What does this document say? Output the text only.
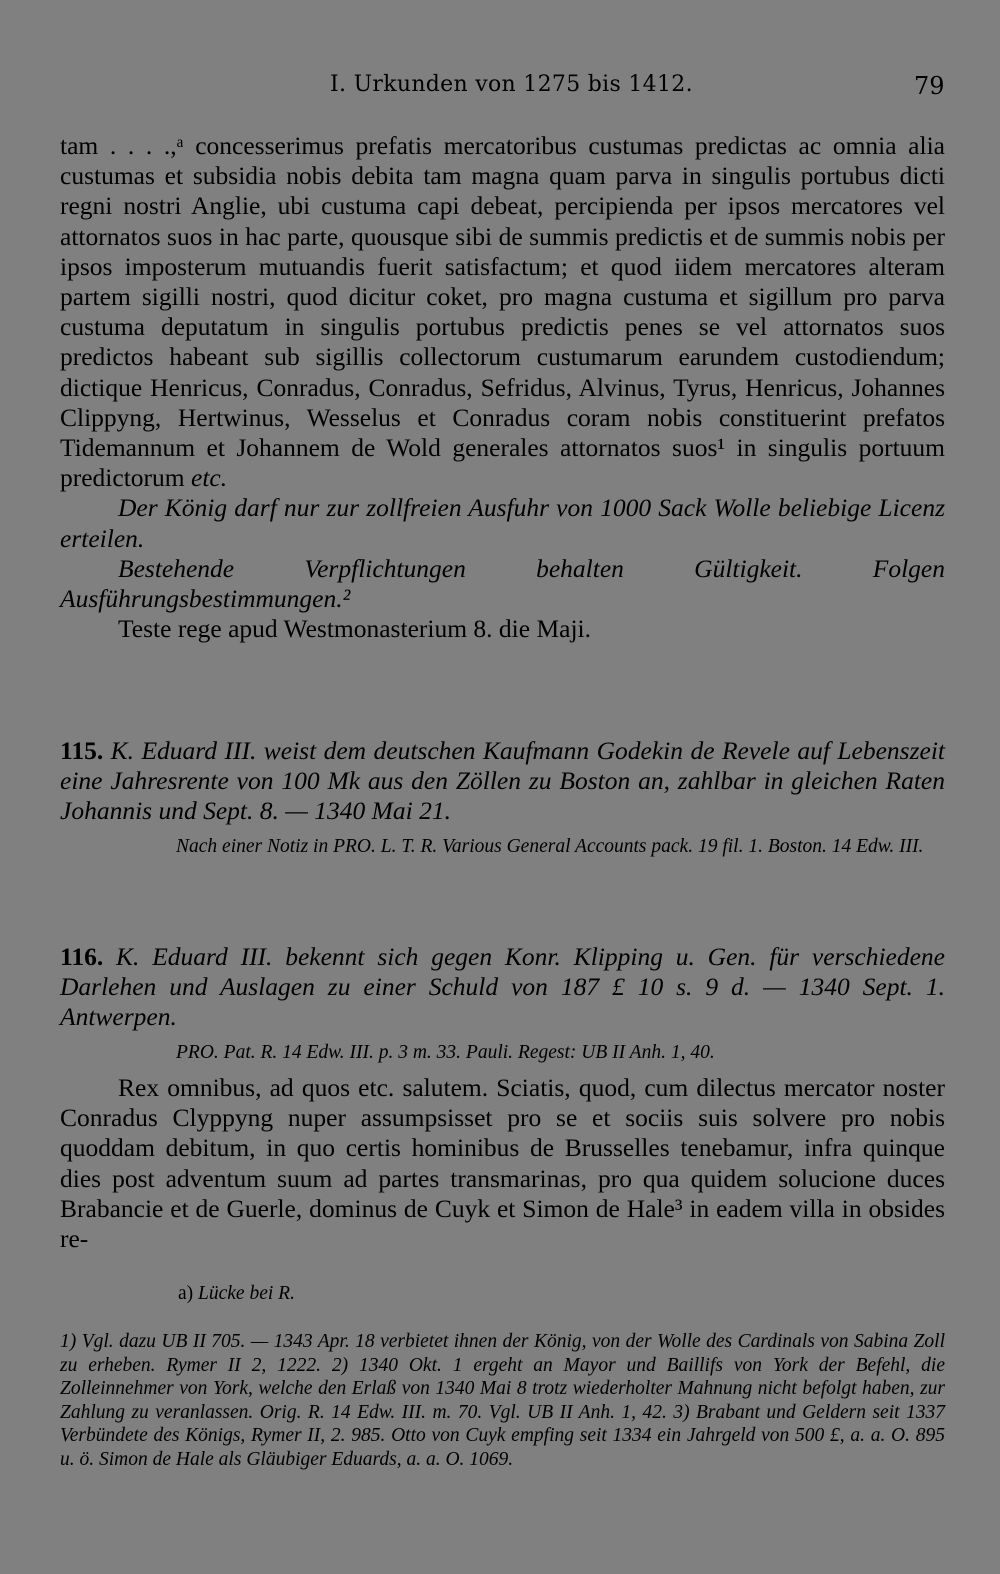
I. Urkunden von 1275 bis 1412.	79

tam . . . .,ᵃ concesserimus prefatis mercatoribus custumas predictas ac omnia alia custumas et subsidia nobis debita tam magna quam parva in singulis portubus dicti regni nostri Anglie, ubi custuma capi debeat, percipienda per ipsos mercatores vel attornatos suos in hac parte, quousque sibi de summis predictis et de summis nobis per ipsos imposterum mutuandis fuerit satisfactum; et quod iidem mercatores alteram partem sigilli nostri, quod dicitur coket, pro magna custuma et sigillum pro parva custuma deputatum in singulis portubus predictis penes se vel attornatos suos predictos habeant sub sigillis collectorum custumarum earundem custodiendum; dictique Henricus, Conradus, Conradus, Sefridus, Alvinus, Tyrus, Henricus, Johannes Clippyng, Hertwinus, Wesselus et Conradus coram nobis constituerint prefatos Tidemannum et Johannem de Wold generales attornatos suos¹ in singulis portuum predictorum etc.

Der König darf nur zur zollfreien Ausfuhr von 1000 Sack Wolle beliebige Licenz erteilen.

Bestehende Verpflichtungen behalten Gültigkeit. Folgen Ausführungsbestimmungen.²

Teste rege apud Westmonasterium 8. die Maji.

115. K. Eduard III. weist dem deutschen Kaufmann Godekin de Revele auf Lebenszeit eine Jahresrente von 100 Mk aus den Zöllen zu Boston an, zahlbar in gleichen Raten Johannis und Sept. 8. — 1340 Mai 21.

Nach einer Notiz in PRO. L. T. R. Various General Accounts pack. 19 fil. 1. Boston. 14 Edw. III.

116. K. Eduard III. bekennt sich gegen Konr. Klipping u. Gen. für verschiedene Darlehen und Auslagen zu einer Schuld von 187 £ 10 s. 9 d. — 1340 Sept. 1. Antwerpen.

PRO. Pat. R. 14 Edw. III. p. 3 m. 33. Pauli. Regest: UB II Anh. 1, 40.

Rex omnibus, ad quos etc. salutem. Sciatis, quod, cum dilectus mercator noster Conradus Clyppyng nuper assumpsisset pro se et sociis suis solvere pro nobis quoddam debitum, in quo certis hominibus de Brusselles tenebamur, infra quinque dies post adventum suum ad partes transmarinas, pro qua quidem solucione duces Brabancie et de Guerle, dominus de Cuyk et Simon de Hale³ in eadem villa in obsides re-

a) Lücke bei R.

1) Vgl. dazu UB II 705. — 1343 Apr. 18 verbietet ihnen der König, von der Wolle des Cardinals von Sabina Zoll zu erheben. Rymer II 2, 1222. 2) 1340 Okt. 1 ergeht an Mayor und Baillifs von York der Befehl, die Zolleinnehmer von York, welche den Erlaß von 1340 Mai 8 trotz wiederholter Mahnung nicht befolgt haben, zur Zahlung zu veranlassen. Orig. R. 14 Edw. III. m. 70. Vgl. UB II Anh. 1, 42. 3) Brabant und Geldern seit 1337 Verbündete des Königs, Rymer II, 2. 985. Otto von Cuyk empfing seit 1334 ein Jahrgeld von 500 £, a. a. O. 895 u. ö. Simon de Hale als Gläubiger Eduards, a. a. O. 1069.
